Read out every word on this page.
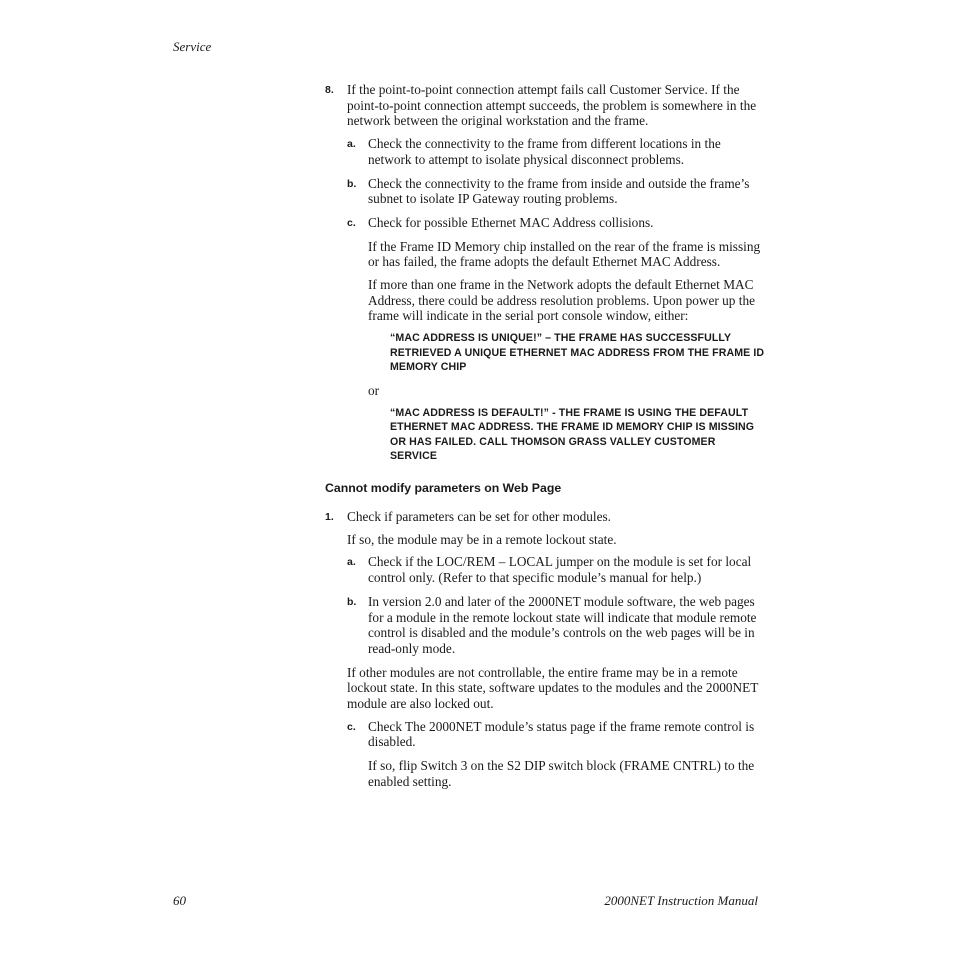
Service
8. If the point-to-point connection attempt fails call Customer Service. If the point-to-point connection attempt succeeds, the problem is somewhere in the network between the original workstation and the frame.
a. Check the connectivity to the frame from different locations in the network to attempt to isolate physical disconnect problems.
b. Check the connectivity to the frame from inside and outside the frame’s subnet to isolate IP Gateway routing problems.
c. Check for possible Ethernet MAC Address collisions.
If the Frame ID Memory chip installed on the rear of the frame is missing or has failed, the frame adopts the default Ethernet MAC Address.
If more than one frame in the Network adopts the default Ethernet MAC Address, there could be address resolution problems. Upon power up the frame will indicate in the serial port console window, either:
“MAC ADDRESS IS UNIQUE!” – THE FRAME HAS SUCCESSFULLY RETRIEVED A UNIQUE ETHERNET MAC ADDRESS FROM THE FRAME ID MEMORY CHIP
or
“MAC ADDRESS IS DEFAULT!” - THE FRAME IS USING THE DEFAULT ETHERNET MAC ADDRESS. THE FRAME ID MEMORY CHIP IS MISSING OR HAS FAILED. CALL THOMSON GRASS VALLEY CUSTOMER SERVICE
Cannot modify parameters on Web Page
1. Check if parameters can be set for other modules.
If so, the module may be in a remote lockout state.
a. Check if the LOC/REM – LOCAL jumper on the module is set for local control only. (Refer to that specific module’s manual for help.)
b. In version 2.0 and later of the 2000NET module software, the web pages for a module in the remote lockout state will indicate that module remote control is disabled and the module’s controls on the web pages will be in read-only mode.
If other modules are not controllable, the entire frame may be in a remote lockout state. In this state, software updates to the modules and the 2000NET module are also locked out.
c. Check The 2000NET module’s status page if the frame remote control is disabled.
If so, flip Switch 3 on the S2 DIP switch block (FRAME CNTRL) to the enabled setting.
60	2000NET Instruction Manual
